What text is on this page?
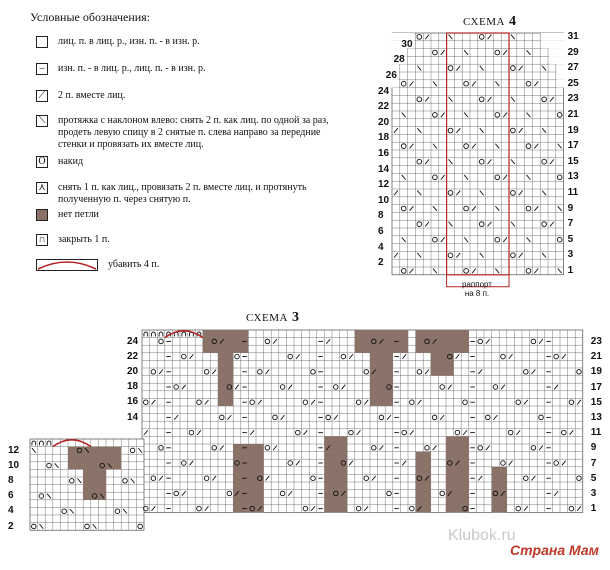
Условные обозначения:
лиц. п. в лиц. р., изн. п. - в изн. р.
–	изн. п. - в лиц. р., лиц. п. - в изн. р.
⟋ 2 п. вместе лиц.
⟍ протяжка с наклоном влево: снять 2 п. как лиц. по одной за раз, продеть левую спицу в 2 снятые п. слева направо за передние стенки и провязать их вместе лиц.
O накид
⋏ снять 1 п. как лиц., провязать 2 п. вместе лиц. и протянуть полученную п. через снятую п.
нет петли
∩ закрыть 1 п.
убавить 4 п.
СХЕМА 4
СХЕМА 3
30
28
26
24
22
20
18
16
14
12
10
8
6
4
2
31
29
27
25
23
21
19
17
15
13
11
9
7
5
3
1
24
22
20
18
16
14
12
10
8
6
4
2
23
21
19
17
15
13
11
9
7
5
3
1
раппорт
на 8 п.
Klubok.ru
Страна Мам
